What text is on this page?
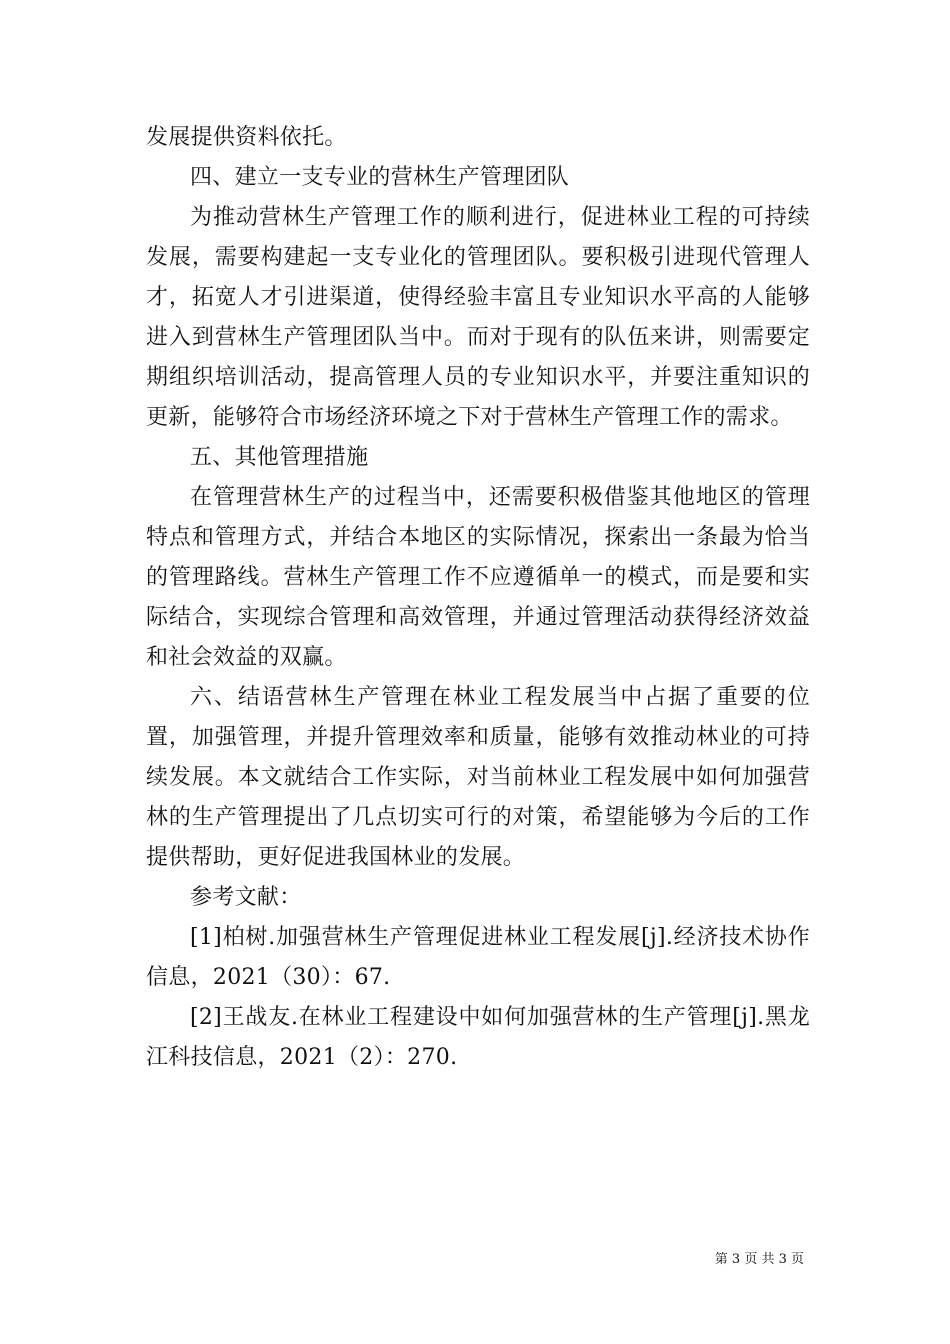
发展提供资料依托。

四、建立一支专业的营林生产管理团队

为推动营林生产管理工作的顺利进行，促进林业工程的可持续发展，需要构建起一支专业化的管理团队。要积极引进现代管理人才，拓宽人才引进渠道，使得经验丰富且专业知识水平高的人能够进入到营林生产管理团队当中。而对于现有的队伍来讲，则需要定期组织培训活动，提高管理人员的专业知识水平，并要注重知识的更新，能够符合市场经济环境之下对于营林生产管理工作的需求。

五、其他管理措施

在管理营林生产的过程当中，还需要积极借鉴其他地区的管理特点和管理方式，并结合本地区的实际情况，探索出一条最为恰当的管理路线。营林生产管理工作不应遵循单一的模式，而是要和实际结合，实现综合管理和高效管理，并通过管理活动获得经济效益和社会效益的双赢。

六、结语营林生产管理在林业工程发展当中占据了重要的位置，加强管理，并提升管理效率和质量，能够有效推动林业的可持续发展。本文就结合工作实际，对当前林业工程发展中如何加强营林的生产管理提出了几点切实可行的对策，希望能够为今后的工作提供帮助，更好促进我国林业的发展。

参考文献：

[1]柏树.加强营林生产管理促进林业工程发展[j].经济技术协作信息，2021（30）：67.

[2]王战友.在林业工程建设中如何加强营林的生产管理[j].黑龙江科技信息，2021（2）：270.

第 3 页 共 3 页
